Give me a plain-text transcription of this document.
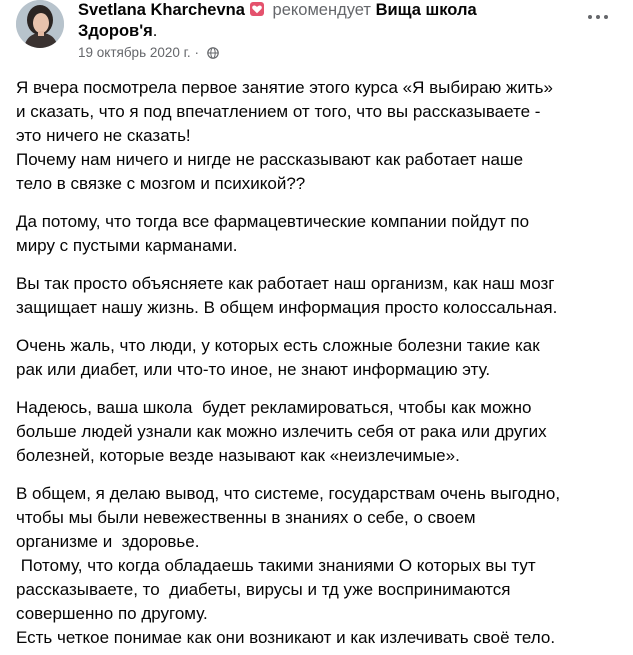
Svetlana Kharchevna рекомендует Вища школа
Здоров'я.
19 октябрь 2020 г. ·
Я вчера посмотрела первое занятие этого курса «Я выбираю жить»
и сказать, что я под впечатлением от того, что вы рассказываете -
это ничего не сказать!
Почему нам ничего и нигде не рассказывают как работает наше
тело в связке с мозгом и психикой??
Да потому, что тогда все фармацевтические компании пойдут по
миру с пустыми карманами.
Вы так просто объясняете как работает наш организм, как наш мозг
защищает нашу жизнь. В общем информация просто колоссальная.
Очень жаль, что люди, у которых есть сложные болезни такие как
рак или диабет, или что-то иное, не знают информацию эту.
Надеюсь, ваша школа  будет рекламироваться, чтобы как можно
больше людей узнали как можно излечить себя от рака или других
болезней, которые везде называют как «неизлечимые».
В общем, я делаю вывод, что системе, государствам очень выгодно,
чтобы мы были невежественны в знаниях о себе, о своем
организме и  здоровье.
Потому, что когда обладаешь такими знаниями О которых вы тут
рассказываете, то  диабеты, вирусы и тд уже воспринимаются
совершенно по другому.
Есть четкое понимае как они возникают и как излечивать своё тело.
